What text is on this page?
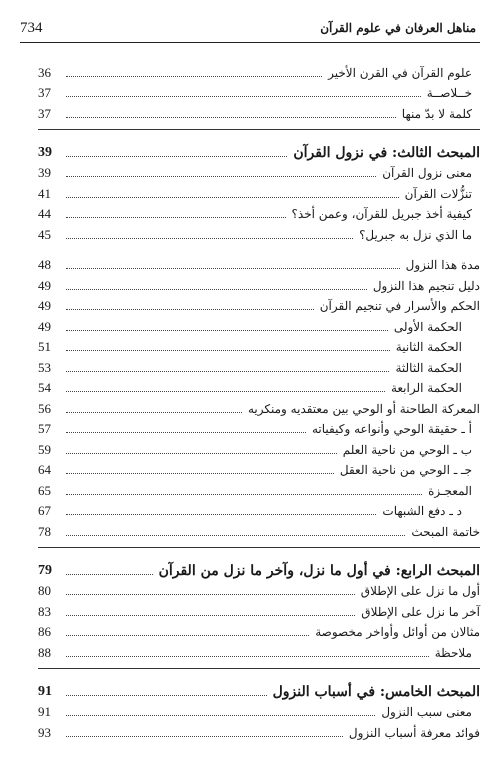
734	مناهل العرفان في علوم القرآن
36	علوم القرآن في القرن الأخير
37	خــلاصــة
37	كلمة لا بدّ منها
39	المبحث الثالث: في نزول القرآن
39	معنى نزول القرآن
41	تنزُّلات القرآن
44	كيفية أخذ جبريل للقرآن، وعمن أخذ؟
45	ما الذي نزل به جبريل؟
48	مدة هذا النزول
49	دليل تنجيم هذا النزول
49	الحكم والأسرار في تنجيم القرآن
49	الحكمة الأولى
51	الحكمة الثانية
53	الحكمة الثالثة
54	الحكمة الرابعة
56	المعركة الطاحنة أو الوحي بين معتقديه ومنكريه
57	أ ـ حقيقة الوحي وأنواعه وكيفياته
59	ب ـ الوحي من ناحية العلم
64	جـ ـ الوحي من ناحية العقل
65	المعجـزة
67	د ـ دفع الشبهات
78	خاتمة المبحث
79	المبحث الرابع: في أول ما نزل، وآخر ما نزل من القرآن
80	أول ما نزل على الإطلاق
83	آخر ما نزل على الإطلاق
86	مثالان من أوائل وأواخر مخصوصة
88	ملاحظة
91	المبحث الخامس: في أسباب النزول
91	معنى سبب النزول
93	فوائد معرفة أسباب النزول
